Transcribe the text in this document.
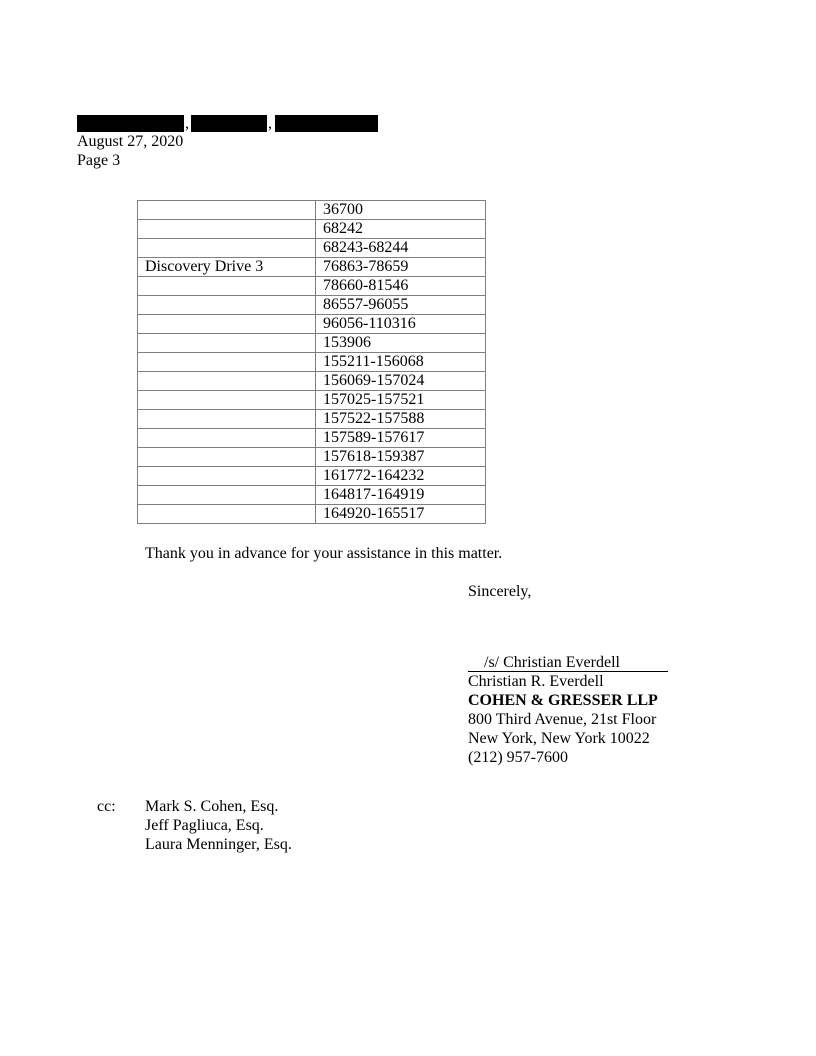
,	,
August 27, 2020
Page 3
	36700
	68242
	68243-68244
Discovery Drive 3	76863-78659
	78660-81546
	86557-96055
	96056-110316
	153906
	155211-156068
	156069-157024
	157025-157521
	157522-157588
	157589-157617
	157618-159387
	161772-164232
	164817-164919
	164920-165517
Thank you in advance for your assistance in this matter.
Sincerely,
/s/ Christian Everdell
Christian R. Everdell
COHEN & GRESSER LLP
800 Third Avenue, 21st Floor
New York, New York 10022
(212) 957-7600
cc: Mark S. Cohen, Esq.
Jeff Pagliuca, Esq.
Laura Menninger, Esq.
